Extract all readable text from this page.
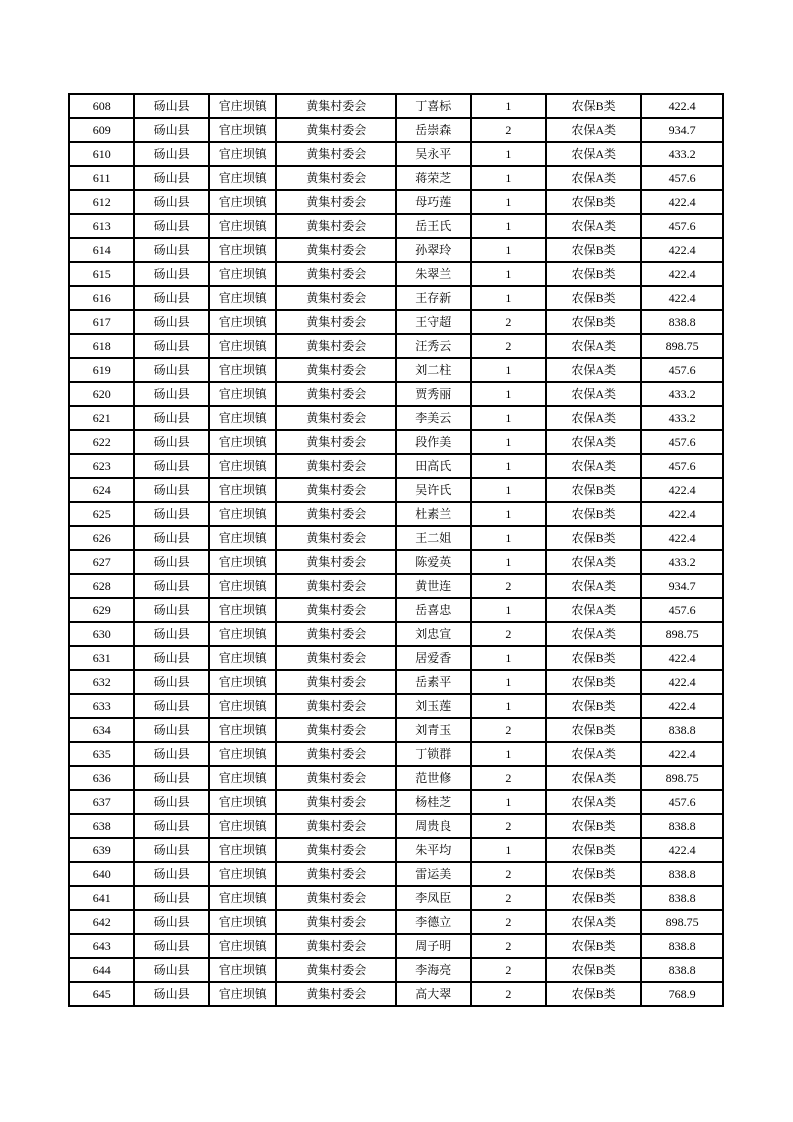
608	砀山县	官庄坝镇	黄集村委会	丁喜标	1	农保B类	422.4
609	砀山县	官庄坝镇	黄集村委会	岳崇森	2	农保A类	934.7
610	砀山县	官庄坝镇	黄集村委会	吴永平	1	农保A类	433.2
611	砀山县	官庄坝镇	黄集村委会	蒋荣芝	1	农保A类	457.6
612	砀山县	官庄坝镇	黄集村委会	母巧莲	1	农保B类	422.4
613	砀山县	官庄坝镇	黄集村委会	岳王氏	1	农保A类	457.6
614	砀山县	官庄坝镇	黄集村委会	孙翠玲	1	农保B类	422.4
615	砀山县	官庄坝镇	黄集村委会	朱翠兰	1	农保B类	422.4
616	砀山县	官庄坝镇	黄集村委会	王存新	1	农保B类	422.4
617	砀山县	官庄坝镇	黄集村委会	王守超	2	农保B类	838.8
618	砀山县	官庄坝镇	黄集村委会	汪秀云	2	农保A类	898.75
619	砀山县	官庄坝镇	黄集村委会	刘二柱	1	农保A类	457.6
620	砀山县	官庄坝镇	黄集村委会	贾秀丽	1	农保A类	433.2
621	砀山县	官庄坝镇	黄集村委会	李美云	1	农保A类	433.2
622	砀山县	官庄坝镇	黄集村委会	段作美	1	农保A类	457.6
623	砀山县	官庄坝镇	黄集村委会	田高氏	1	农保A类	457.6
624	砀山县	官庄坝镇	黄集村委会	吴许氏	1	农保B类	422.4
625	砀山县	官庄坝镇	黄集村委会	杜素兰	1	农保B类	422.4
626	砀山县	官庄坝镇	黄集村委会	王二姐	1	农保B类	422.4
627	砀山县	官庄坝镇	黄集村委会	陈爱英	1	农保A类	433.2
628	砀山县	官庄坝镇	黄集村委会	黄世连	2	农保A类	934.7
629	砀山县	官庄坝镇	黄集村委会	岳喜忠	1	农保A类	457.6
630	砀山县	官庄坝镇	黄集村委会	刘忠宣	2	农保A类	898.75
631	砀山县	官庄坝镇	黄集村委会	居爱香	1	农保B类	422.4
632	砀山县	官庄坝镇	黄集村委会	岳素平	1	农保B类	422.4
633	砀山县	官庄坝镇	黄集村委会	刘玉莲	1	农保B类	422.4
634	砀山县	官庄坝镇	黄集村委会	刘青玉	2	农保B类	838.8
635	砀山县	官庄坝镇	黄集村委会	丁锁群	1	农保A类	422.4
636	砀山县	官庄坝镇	黄集村委会	范世修	2	农保A类	898.75
637	砀山县	官庄坝镇	黄集村委会	杨桂芝	1	农保A类	457.6
638	砀山县	官庄坝镇	黄集村委会	周贵良	2	农保B类	838.8
639	砀山县	官庄坝镇	黄集村委会	朱平均	1	农保B类	422.4
640	砀山县	官庄坝镇	黄集村委会	雷运美	2	农保B类	838.8
641	砀山县	官庄坝镇	黄集村委会	李凤臣	2	农保B类	838.8
642	砀山县	官庄坝镇	黄集村委会	李德立	2	农保A类	898.75
643	砀山县	官庄坝镇	黄集村委会	周子明	2	农保B类	838.8
644	砀山县	官庄坝镇	黄集村委会	李海亮	2	农保B类	838.8
645	砀山县	官庄坝镇	黄集村委会	高大翠	2	农保B类	768.9
